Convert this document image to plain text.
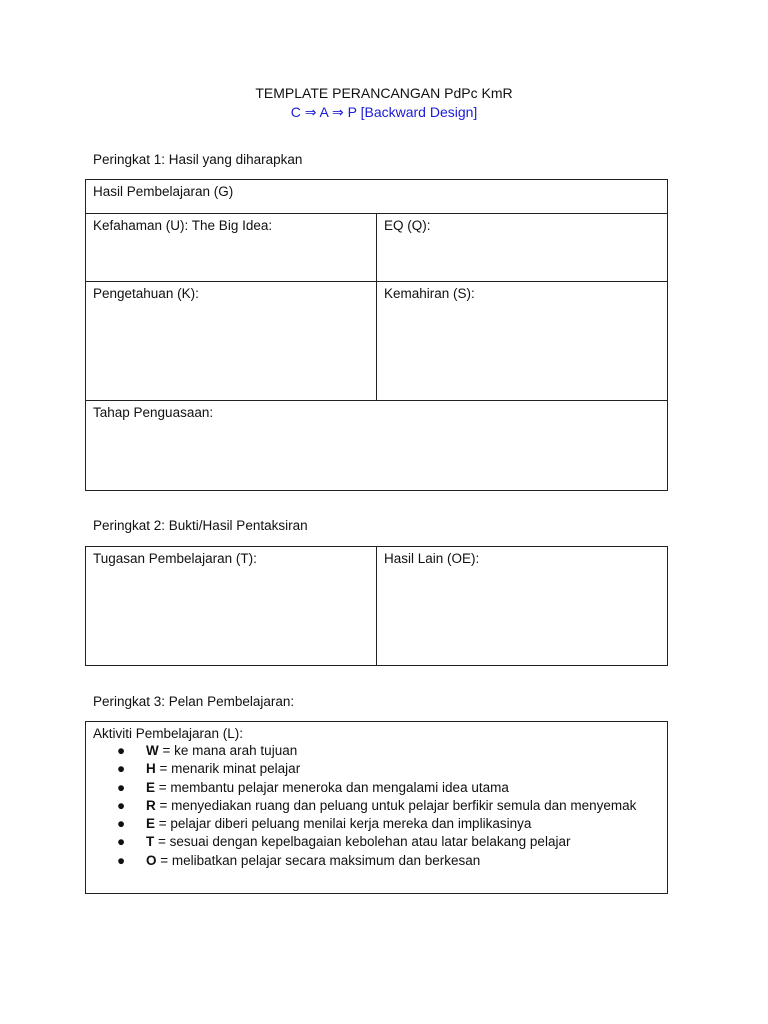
TEMPLATE PERANCANGAN PdPc KmR
C ⇒ A ⇒ P [Backward Design]
Peringkat 1: Hasil yang diharapkan
Hasil Pembelajaran (G)	
Kefahaman (U): The Big Idea:	EQ (Q):
Pengetahuan (K):	Kemahiran (S):
Tahap Penguasaan:	
Peringkat 2: Bukti/Hasil Pentaksiran
Tugasan Pembelajaran (T):	Hasil Lain (OE):
Peringkat 3: Pelan Pembelajaran:
Aktiviti Pembelajaran (L):
● W = ke mana arah tujuan
● H = menarik minat pelajar
● E = membantu pelajar meneroka dan mengalami idea utama
● R = menyediakan ruang dan peluang untuk pelajar berfikir semula dan menyemak
● E = pelajar diberi peluang menilai kerja mereka dan implikasinya
● T = sesuai dengan kepelbagaian kebolehan atau latar belakang pelajar
● O = melibatkan pelajar secara maksimum dan berkesan
